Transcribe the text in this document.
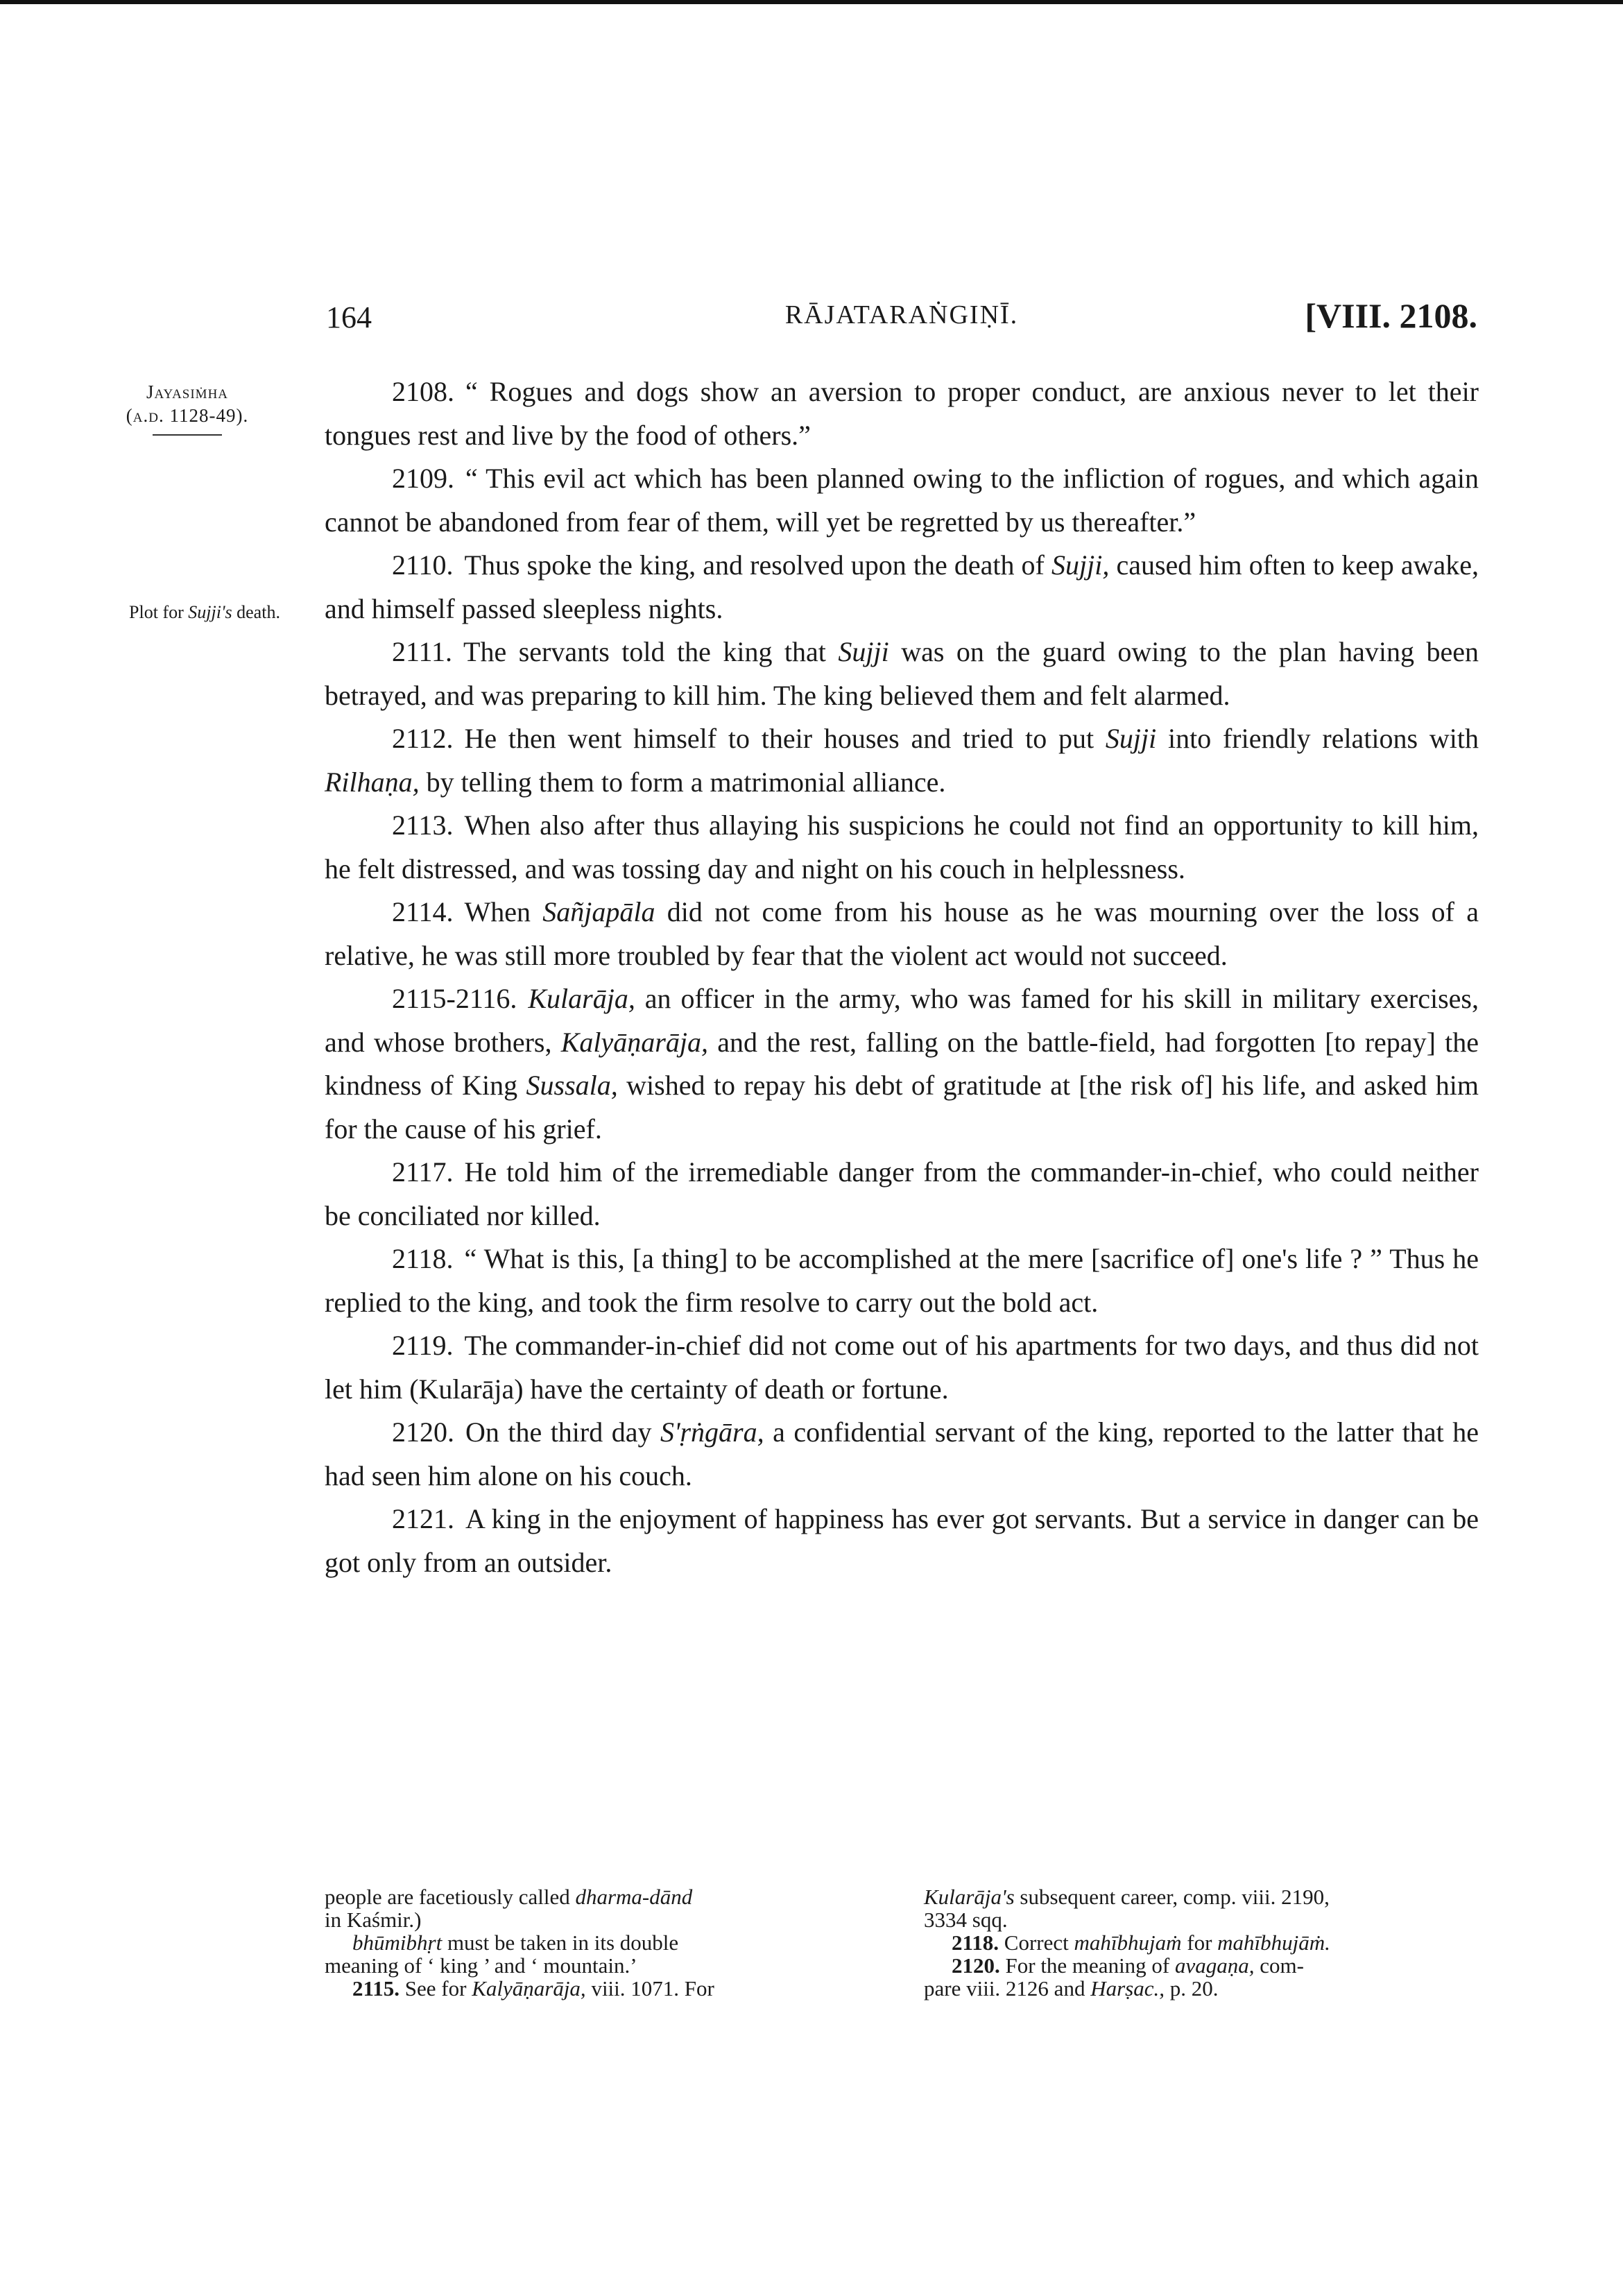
164	RĀJATARAṄGIṆĪ.	[VIII. 2108.
Jayasiṁha
(a.d. 1128-49).
Plot for Sujji's death.

2108. “ Rogues and dogs show an aversion to proper conduct, are anxious never to let their tongues rest and live by the food of others.”

2109. “ This evil act which has been planned owing to the infliction of rogues, and which again cannot be abandoned from fear of them, will yet be regretted by us thereafter.”

2110. Thus spoke the king, and resolved upon the death of Sujji, caused him often to keep awake, and himself passed sleepless nights.

2111. The servants told the king that Sujji was on the guard owing to the plan having been betrayed, and was preparing to kill him. The king believed them and felt alarmed.

2112. He then went himself to their houses and tried to put Sujji into friendly relations with Rilhaṇa, by telling them to form a matrimonial alliance.

2113. When also after thus allaying his suspicions he could not find an opportunity to kill him, he felt distressed, and was tossing day and night on his couch in helplessness.

2114. When Sañjapāla did not come from his house as he was mourning over the loss of a relative, he was still more troubled by fear that the violent act would not succeed.

2115-2116. Kularāja, an officer in the army, who was famed for his skill in military exercises, and whose brothers, Kalyāṇarāja, and the rest, falling on the battle-field, had forgotten [to repay] the kindness of King Sussala, wished to repay his debt of gratitude at [the risk of] his life, and asked him for the cause of his grief.

2117. He told him of the irremediable danger from the commander-in-chief, who could neither be conciliated nor killed.

2118. “ What is this, [a thing] to be accomplished at the mere [sacrifice of] one's life ? ” Thus he replied to the king, and took the firm resolve to carry out the bold act.

2119. The commander-in-chief did not come out of his apartments for two days, and thus did not let him (Kularāja) have the certainty of death or fortune.

2120. On the third day S'ṛṅgāra, a confidential servant of the king, reported to the latter that he had seen him alone on his couch.

2121. A king in the enjoyment of happiness has ever got servants. But a service in danger can be got only from an outsider.

people are facetiously called dharma-dānd
in Kaśmir.)
bhūmibhṛt must be taken in its double
meaning of ‘ king ’ and ‘ mountain.’
2115. See for Kalyāṇarāja, viii. 1071. For
Kularāja's subsequent career, comp. viii. 2190,
3334 sqq.
2118. Correct mahībhujaṁ for mahībhujāṁ.
2120. For the meaning of avagaṇa, com-
pare viii. 2126 and Harṣac., p. 20.
